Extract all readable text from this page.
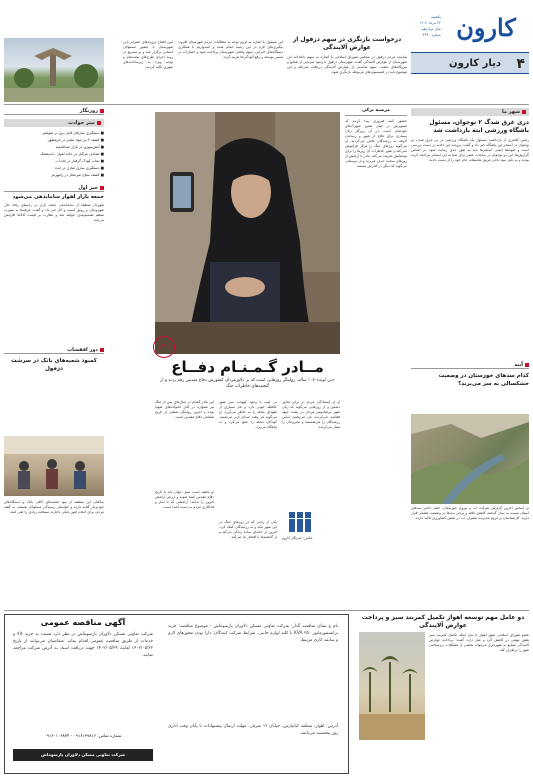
کارون
یکشنبه
۲۲ مرداد ۱۴۰۲
سال دوازدهم
شماره ۳۴۹۰
۴
دیار کارون
درخواست بازنگری در سهم دزفول از عوارض آلایندگی
نماینده مردم دزفول در مجلس شورای اسلامی با اشاره به سهم ناعادلانه این شهرستان از عوارض آلایندگی گفت: شهرستان دزفول با وجود میزبانی از صنایع و نیروگاه‌های متعدد، سهم مناسبی از عوارض آلایندگی دریافت نمی‌کند و این موضوع باید در کمیسیون‌های مربوطه بازنگری شود.
این مسئول با اشاره به لزوم توجه به مطالبات مردم شهرستان افزود: پیگیری‌های لازم در این زمینه انجام شده و امیدواریم با همکاری دستگاه‌های اجرایی، سهم واقعی شهرستان پرداخت شود و اعتبارات در مسیر توسعه و رفع آلودگی‌ها هزینه گردد.
آیین افتتاح پروژه‌های عمرانی این شهرستان با حضور مسئولان استانی برگزار شد و بر تسریع در روند اجرای طرح‌های نیمه‌تمام و توجه ویژه به زیرساخت‌های شهری تاکید گردید.
شهر ما
دری غرق شدگ ۲ نوجوان، مسئول باشگاه ورزشی ابنه بازداشت شد
رئیس کلانتری از بازداشت مسئول یک باشگاه ورزشی در پی غرق شدن دو نوجوان در استخر این باشگاه خبر داد و گفت: پرونده این حادثه در دست بررسی است و ضوابط ایمنی استخرها باید به طور جدی رعایت شود. بر اساس گزارش‌ها، این دو نوجوان در ساعات عصر برای شنا به این استخر مراجعه کرده بودند و به دلیل نبود ناجی غریق متاسفانه جان خود را از دست دادند.
آینه
کدام سدهای خوزستان در وضعیت خشکسالی به سر می‌برند؟
بر اساس آخرین گزارش شرکت آب و نیروی خوزستان، حجم ذخایر سدهای استان نسبت به سال گذشته کاهش یافته و برخی سدها در وضعیت هشدار قرار دارند. کارشناسان بر لزوم مدیریت مصرف آب در بخش کشاورزی تاکید دارند.
مرضیه ترکی
حضور کنیه فیروزی پیدا کردم که تصویرش در میان همین شهرک‌های خودشان است. در آن روزگار زنان بسیاری برای دفاع از شهر و رساندن آذوقه به رزمندگان تلاش می‌کردند. او می‌گوید روزهای جنگ را هرگز فراموش نمی‌کند و هنوز خاطرات آن روزها را برای نوه‌هایش تعریف می‌کند. مادر با آرامش از روزهای سخت حرف می‌زند و از دوستانی می‌گوید که دیگر در کنارش نیستند.
یادبود
مــادر گـمـنـام دفــاع
«بی لوبه» ۱۰۷ ساله، روایتگر روزهایی است که بر دلاورمردان کشورش دفاع مقدس رقم زدند و از گنجینه‌های خاطرات جنگ
او از ایستادگی مردم در برابر تجاوز دشمن و از روزهایی می‌گوید که زنان شهر دوشادوش مردان در پشت جبهه فعالیت می‌کردند. نان می‌پختند، لباس رزمندگان را می‌شستند و مجروحان را تیمار می‌کردند.
بی لوبه با وجود کهولت سن هنوز حافظه خوبی دارد و نام بسیاری از شهدای محله را به خاطر می‌آورد. او می‌گوید هر وقت صدای آژیر می‌شنید، کودکان محله را جمع می‌کرد و به پناهگاه می‌برد.
این مادر گمنام در سال‌های پس از جنگ نیز همواره در کنار خانواده‌های شهدا بوده و امروز روایتگر بخشی از تاریخ شفاهی دفاع مقدس است.
عکس: خبرنگار کارون
یکی از زنانی که در روزهای جنگ در این شهر ماند و به رزمندگان کمک کرد، امروز در خانه‌ای ساده زندگی می‌کند و از گذشته‌ها با افتخار یاد می‌کند.
او معتقد است نسل جوان باید با تاریخ دفاع مقدس آشنا شوند و ارزش آرامش امروز را بدانند؛ آرامشی که با ایثار و فداکاری مردم به دست آمده است.
روزنگار
تیتر حوادث
■ دستگیری سارقان کابل برق در شوشتر
■ کشف ۲ تن مواد مخدر در خرمشهر
■ آتش‌سوزی در بازار عبدالحمید
■ تصادف مرگبار در جاده اهواز - اندیمشک
■ نجات کودک گرفتار در چاه آب
■ دستگیری سارق منازل در ایذه
■ کشف سلاح غیرمجاز در رامهرمز
خبر اول
جمعه بازار لفوار ساماندهی می‌شود
شهردار منطقه از ساماندهی جمعه بازار در راستای رفاه حال شهروندان و رونق کسب و کار خبر داد و گفت: غرفه‌ها به صورت منظم تقسیم‌بندی خواهد شد و نظارت بر قیمت کالاها افزایش می‌یابد.
دور افقشاپ
کمبود شعبه‌های بانک در سرشت دزفول
ساکنان این منطقه از نبود شعبه‌های کافی بانک و دستگاه‌های خودپرداز گلایه دارند و خواستار رسیدگی مسئولان هستند. به گفته مردم، برای انجام امور بانکی ناچارند مسافت زیادی را طی کنند.
دو عامل مهم توسعه اهواز تکمیل کمربند سبز و پرداخت عوارض آلایندگی
عضو شورای اسلامی شهر اهواز با بیان اینکه تکمیل کمربند سبز نقش مهمی در کاهش گرد و غبار دارد، گفت: پرداخت عوارض آلایندگی صنایع به شهرداری می‌تواند بخشی از مشکلات زیرساختی شهر را برطرف کند.
آگهی مناقصه عمومی
شرکت تعاونی مسکن دلاوران پارسوماش در نظر دارد نسبت به خرید کالا و خدمات از طریق مناقصه عمومی اقدام نماید. متقاضیان می‌توانند از تاریخ ۱۴۰۲/۰۵/۲۲ لغایت ۱۴۰۲/۰۵/۲۹ جهت دریافت اسناد به آدرس شرکت مراجعه نمایند.
شماره تماس: ۰۹۱۶۱۳۹۸۱۶ - ۰۹۱۶۰۱۰۶۸۳۴
شرکت تعاونی مسکن دلاوران پارسوماش
نام و نشان مناقصه گذار: شرکت تعاونی مسکن دلاوران پارسوماش - موضوع مناقصه: خرید ترانسفورماتور ۲۵۰ KVA با کلیه لوازم جانبی، شرایط شرکت کنندگان: دارا بودن مجوزهای لازم و سابقه کاری مرتبط.
آدرس: اهواز، منطقه کیانپارس، خیابان ۱۲ شرقی. مهلت ارسال پیشنهادات تا پایان وقت اداری روز پنجشنبه می‌باشد.
